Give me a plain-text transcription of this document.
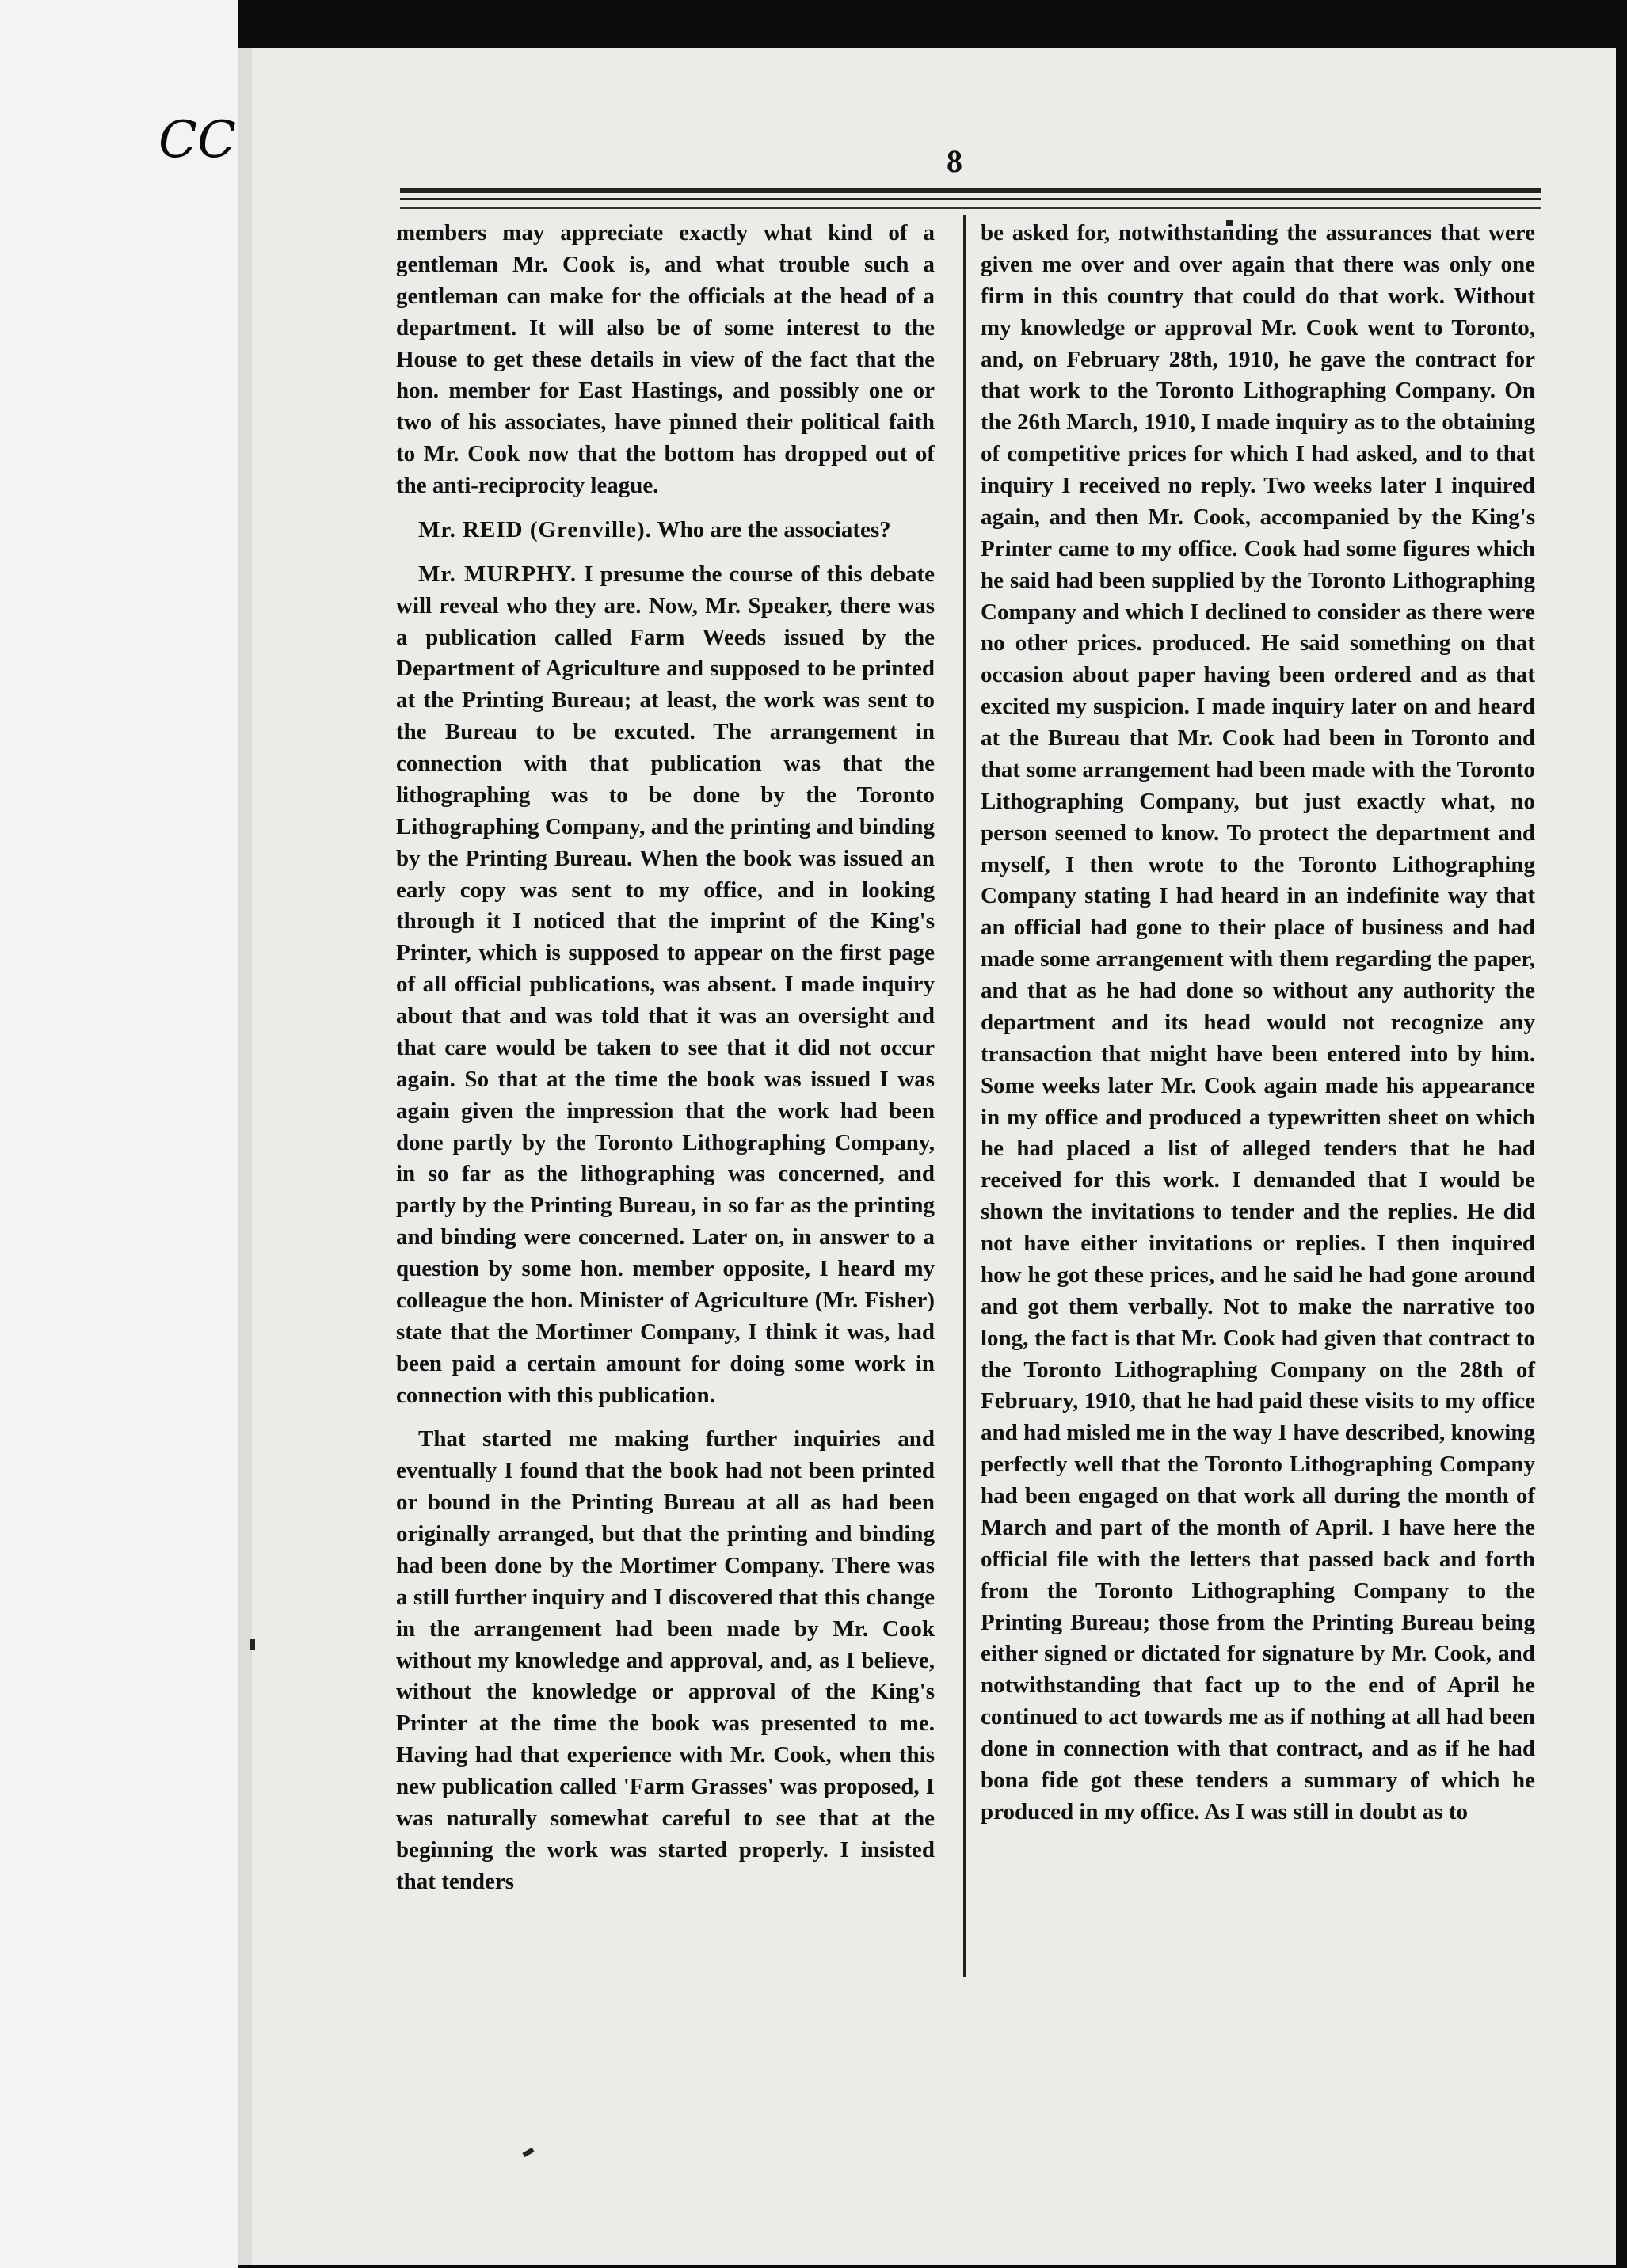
CC	8

members may appreciate exactly what kind of a gentleman Mr. Cook is, and what trouble such a gentleman can make for the officials at the head of a department. It will also be of some interest to the House to get these details in view of the fact that the hon. member for East Hastings, and possibly one or two of his associates, have pinned their political faith to Mr. Cook now that the bottom has dropped out of the anti-reciprocity league.

Mr. REID (Grenville). Who are the associates?

Mr. MURPHY. I presume the course of this debate will reveal who they are. Now, Mr. Speaker, there was a publication called Farm Weeds issued by the Department of Agriculture and supposed to be printed at the Printing Bureau; at least, the work was sent to the Bureau to be excuted. The arrangement in connection with that publication was that the lithographing was to be done by the Toronto Lithographing Company, and the printing and binding by the Printing Bureau. When the book was issued an early copy was sent to my office, and in looking through it I noticed that the imprint of the King's Printer, which is supposed to appear on the first page of all official publications, was absent. I made inquiry about that and was told that it was an oversight and that care would be taken to see that it did not occur again. So that at the time the book was issued I was again given the impression that the work had been done partly by the Toronto Lithographing Company, in so far as the lithographing was concerned, and partly by the Printing Bureau, in so far as the printing and binding were concerned. Later on, in answer to a question by some hon. member opposite, I heard my colleague the hon. Minister of Agriculture (Mr. Fisher) state that the Mortimer Company, I think it was, had been paid a certain amount for doing some work in connection with this publication.

That started me making further inquiries and eventually I found that the book had not been printed or bound in the Printing Bureau at all as had been originally arranged, but that the printing and binding had been done by the Mortimer Company. There was a still further inquiry and I discovered that this change in the arrangement had been made by Mr. Cook without my knowledge and approval, and, as I believe, without the knowledge or approval of the King's Printer at the time the book was presented to me. Having had that experience with Mr. Cook, when this new publication called 'Farm Grasses' was proposed, I was naturally somewhat careful to see that at the beginning the work was started properly. I insisted that tenders

be asked for, notwithstanding the assurances that were given me over and over again that there was only one firm in this country that could do that work. Without my knowledge or approval Mr. Cook went to Toronto, and, on February 28th, 1910, he gave the contract for that work to the Toronto Lithographing Company. On the 26th March, 1910, I made inquiry as to the obtaining of competitive prices for which I had asked, and to that inquiry I received no reply. Two weeks later I inquired again, and then Mr. Cook, accompanied by the King's Printer came to my office. Cook had some figures which he said had been supplied by the Toronto Lithographing Company and which I declined to consider as there were no other prices. produced. He said something on that occasion about paper having been ordered and as that excited my suspicion. I made inquiry later on and heard at the Bureau that Mr. Cook had been in Toronto and that some arrangement had been made with the Toronto Lithographing Company, but just exactly what, no person seemed to know. To protect the department and myself, I then wrote to the Toronto Lithographing Company stating I had heard in an indefinite way that an official had gone to their place of business and had made some arrangement with them regarding the paper, and that as he had done so without any authority the department and its head would not recognize any transaction that might have been entered into by him. Some weeks later Mr. Cook again made his appearance in my office and produced a typewritten sheet on which he had placed a list of alleged tenders that he had received for this work. I demanded that I would be shown the invitations to tender and the replies. He did not have either invitations or replies. I then inquired how he got these prices, and he said he had gone around and got them verbally. Not to make the narrative too long, the fact is that Mr. Cook had given that contract to the Toronto Lithographing Company on the 28th of February, 1910, that he had paid these visits to my office and had misled me in the way I have described, knowing perfectly well that the Toronto Lithographing Company had been engaged on that work all during the month of March and part of the month of April. I have here the official file with the letters that passed back and forth from the Toronto Lithographing Company to the Printing Bureau; those from the Printing Bureau being either signed or dictated for signature by Mr. Cook, and notwithstanding that fact up to the end of April he continued to act towards me as if nothing at all had been done in connection with that contract, and as if he had bona fide got these tenders a summary of which he produced in my office. As I was still in doubt as to
